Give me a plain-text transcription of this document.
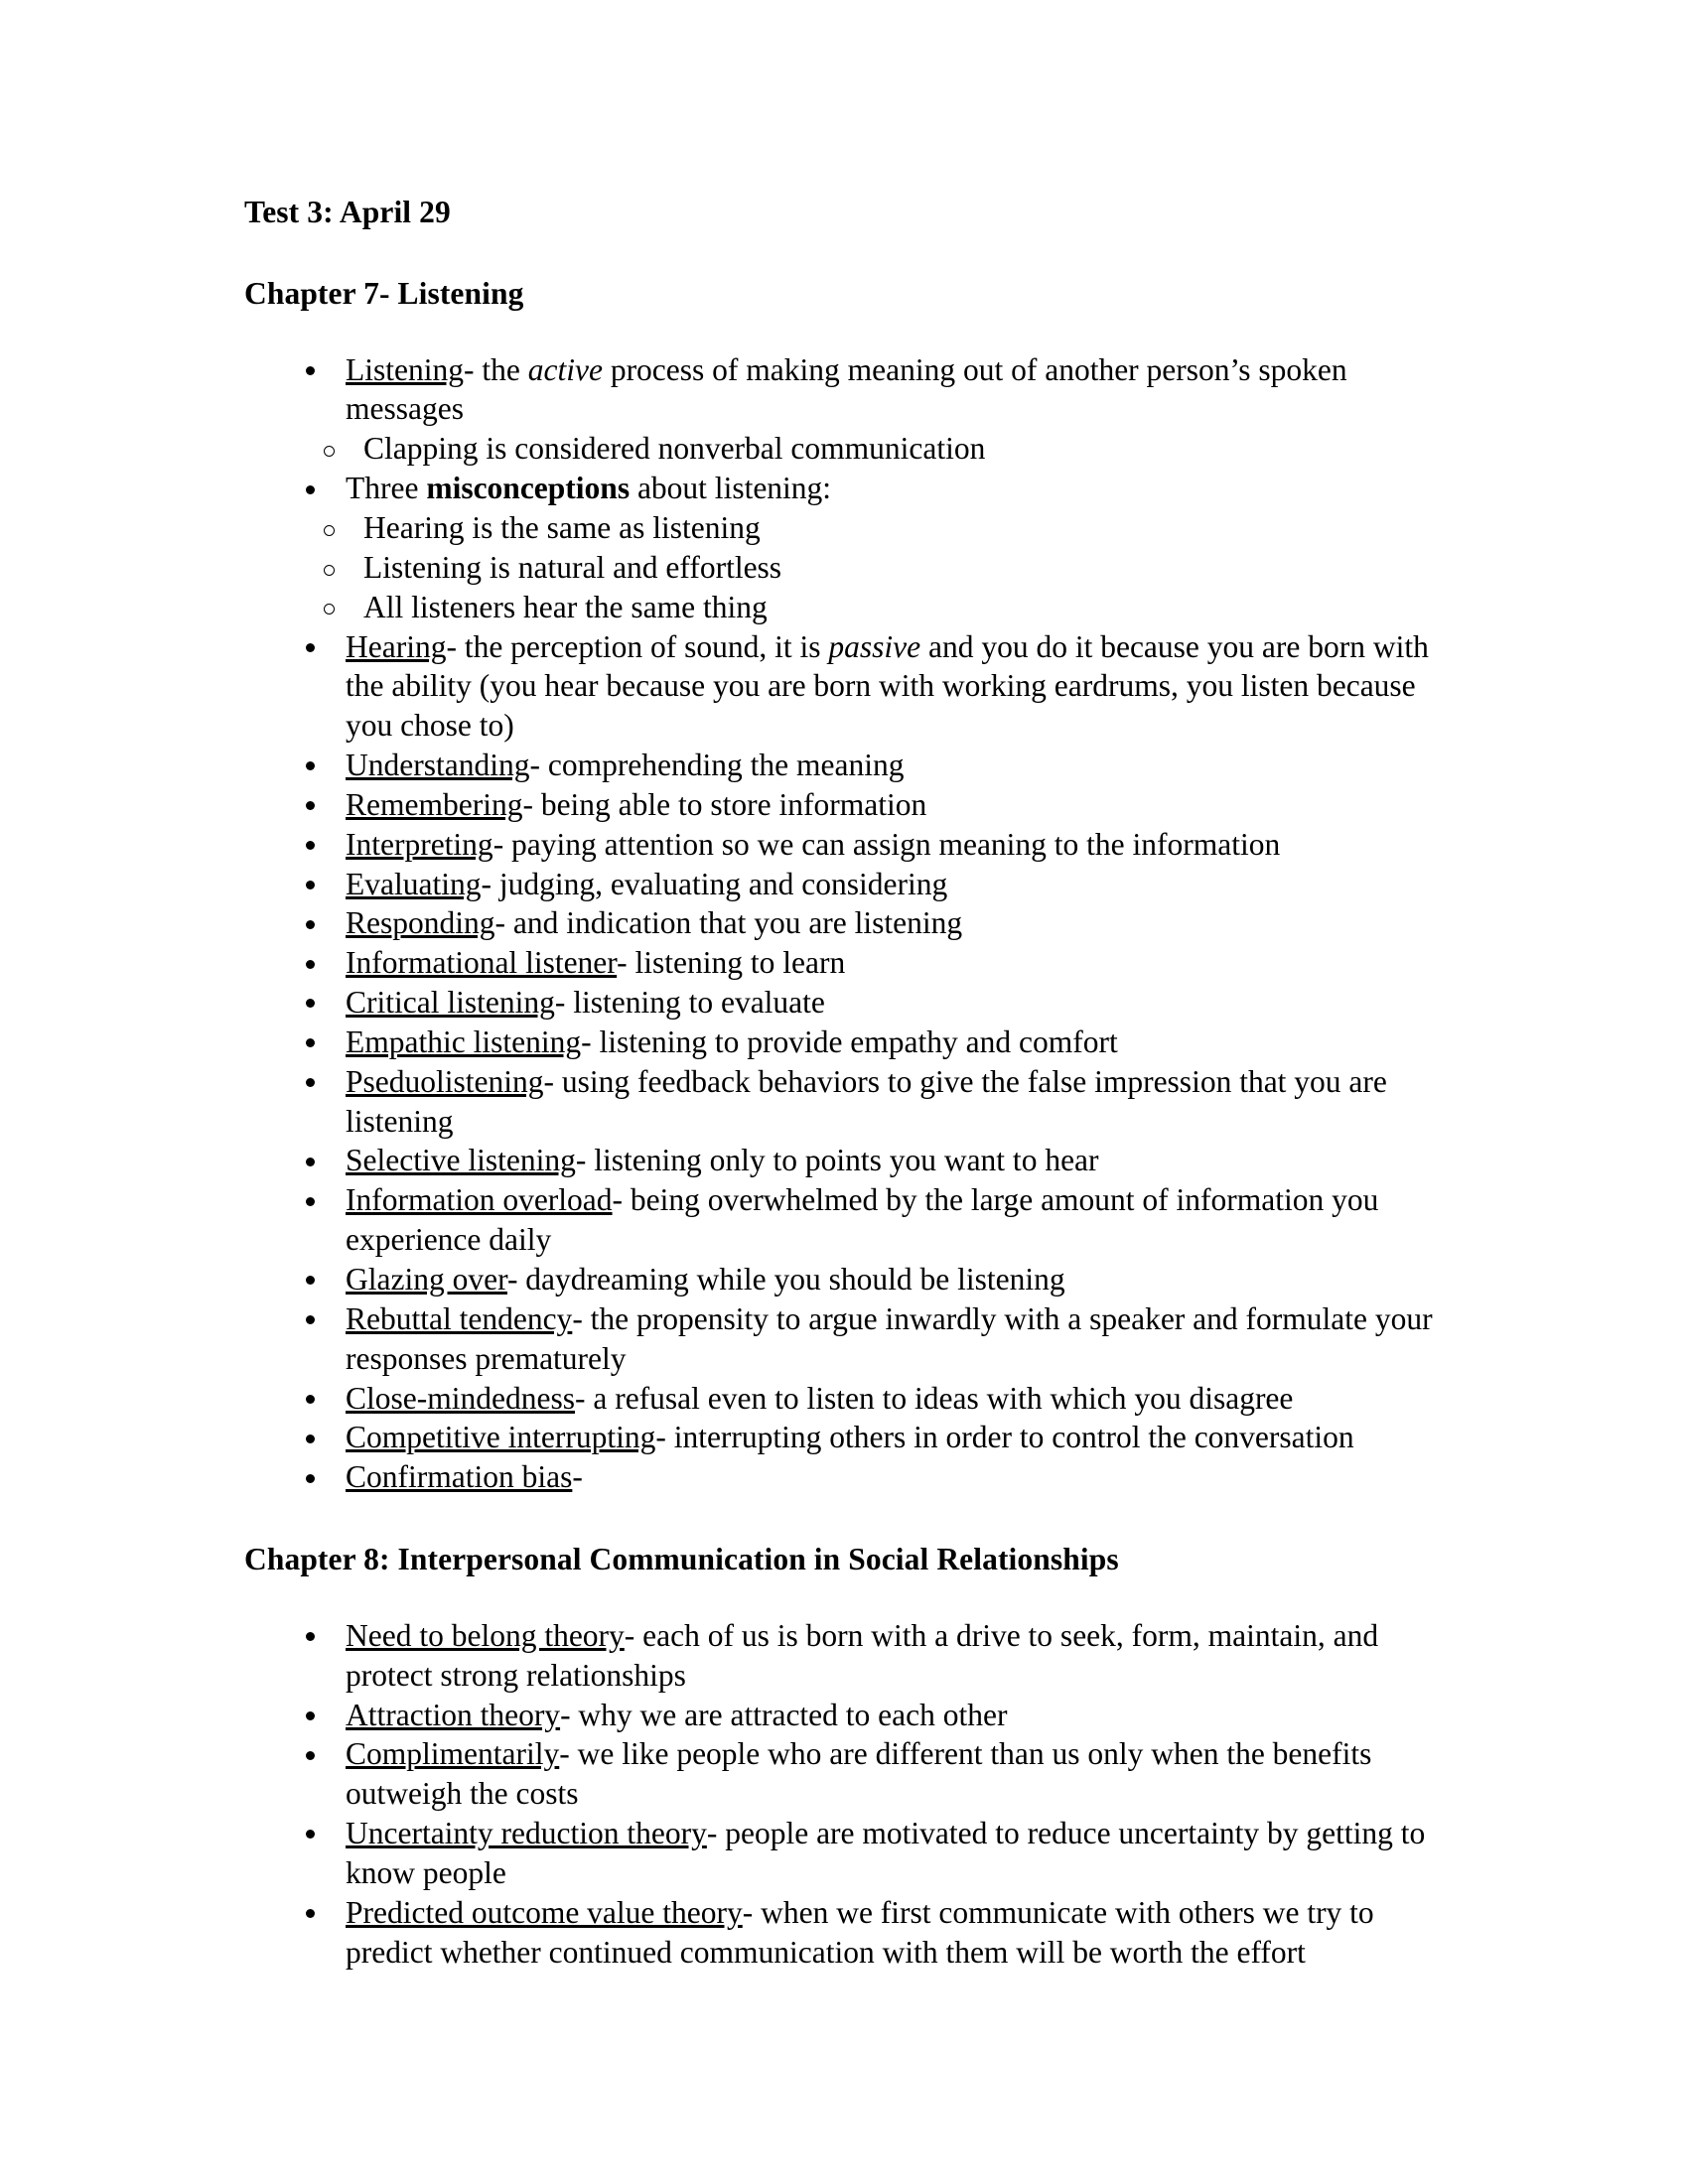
Test 3: April 29
Chapter 7- Listening
Listening- the active process of making meaning out of another person’s spoken messages
Clapping is considered nonverbal communication
Three misconceptions about listening:
Hearing is the same as listening
Listening is natural and effortless
All listeners hear the same thing
Hearing- the perception of sound, it is passive and you do it because you are born with the ability (you hear because you are born with working eardrums, you listen because you chose to)
Understanding- comprehending the meaning
Remembering- being able to store information
Interpreting- paying attention so we can assign meaning to the information
Evaluating- judging, evaluating and considering
Responding- and indication that you are listening
Informational listener- listening to learn
Critical listening- listening to evaluate
Empathic listening- listening to provide empathy and comfort
Pseduolistening- using feedback behaviors to give the false impression that you are listening
Selective listening- listening only to points you want to hear
Information overload- being overwhelmed by the large amount of information you experience daily
Glazing over- daydreaming while you should be listening
Rebuttal tendency- the propensity to argue inwardly with a speaker and formulate your responses prematurely
Close-mindedness- a refusal even to listen to ideas with which you disagree
Competitive interrupting- interrupting others in order to control the conversation
Confirmation bias-
Chapter 8: Interpersonal Communication in Social Relationships
Need to belong theory- each of us is born with a drive to seek, form, maintain, and protect strong relationships
Attraction theory- why we are attracted to each other
Complimentarily- we like people who are different than us only when the benefits outweigh the costs
Uncertainty reduction theory- people are motivated to reduce uncertainty by getting to know people
Predicted outcome value theory- when we first communicate with others we try to predict whether continued communication with them will be worth the effort
